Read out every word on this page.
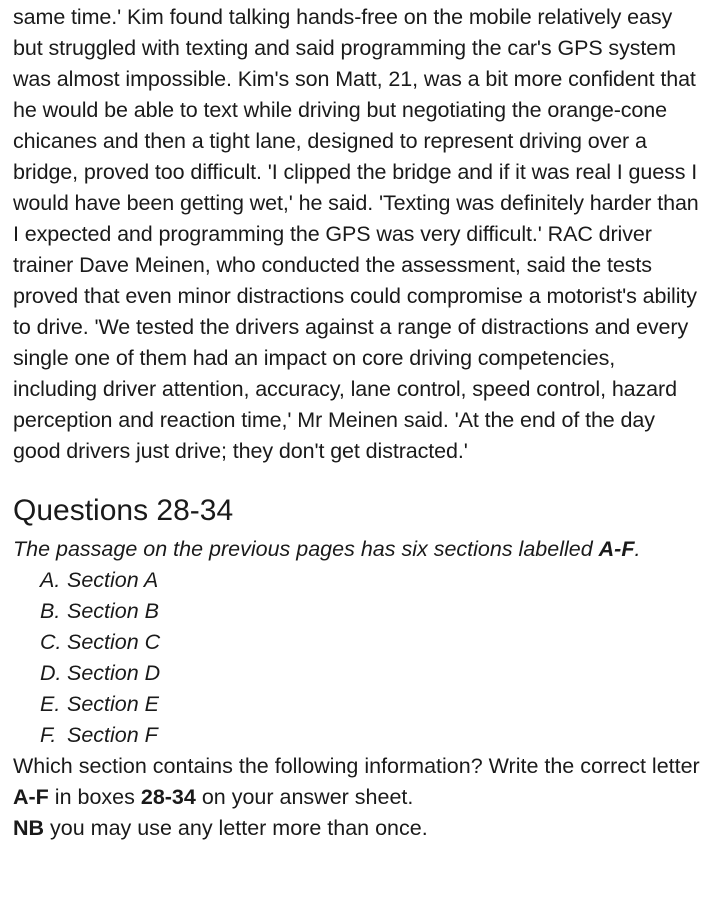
same time.' Kim found talking hands-free on the mobile relatively easy but struggled with texting and said programming the car's GPS system was almost impossible. Kim's son Matt, 21, was a bit more confident that he would be able to text while driving but negotiating the orange-cone chicanes and then a tight lane, designed to represent driving over a bridge, proved too difficult. 'I clipped the bridge and if it was real I guess I would have been getting wet,' he said. 'Texting was definitely harder than I expected and programming the GPS was very difficult.' RAC driver trainer Dave Meinen, who conducted the assessment, said the tests proved that even minor distractions could compromise a motorist's ability to drive. 'We tested the drivers against a range of distractions and every single one of them had an impact on core driving competencies, including driver attention, accuracy, lane control, speed control, hazard perception and reaction time,' Mr Meinen said. 'At the end of the day good drivers just drive; they don't get distracted.'

Questions 28-34

The passage on the previous pages has six sections labelled A-F.

A. Section A
B. Section B
C. Section C
D. Section D
E. Section E
F. Section F

Which section contains the following information? Write the correct letter A-F in boxes 28-34 on your answer sheet.

NB you may use any letter more than once.
